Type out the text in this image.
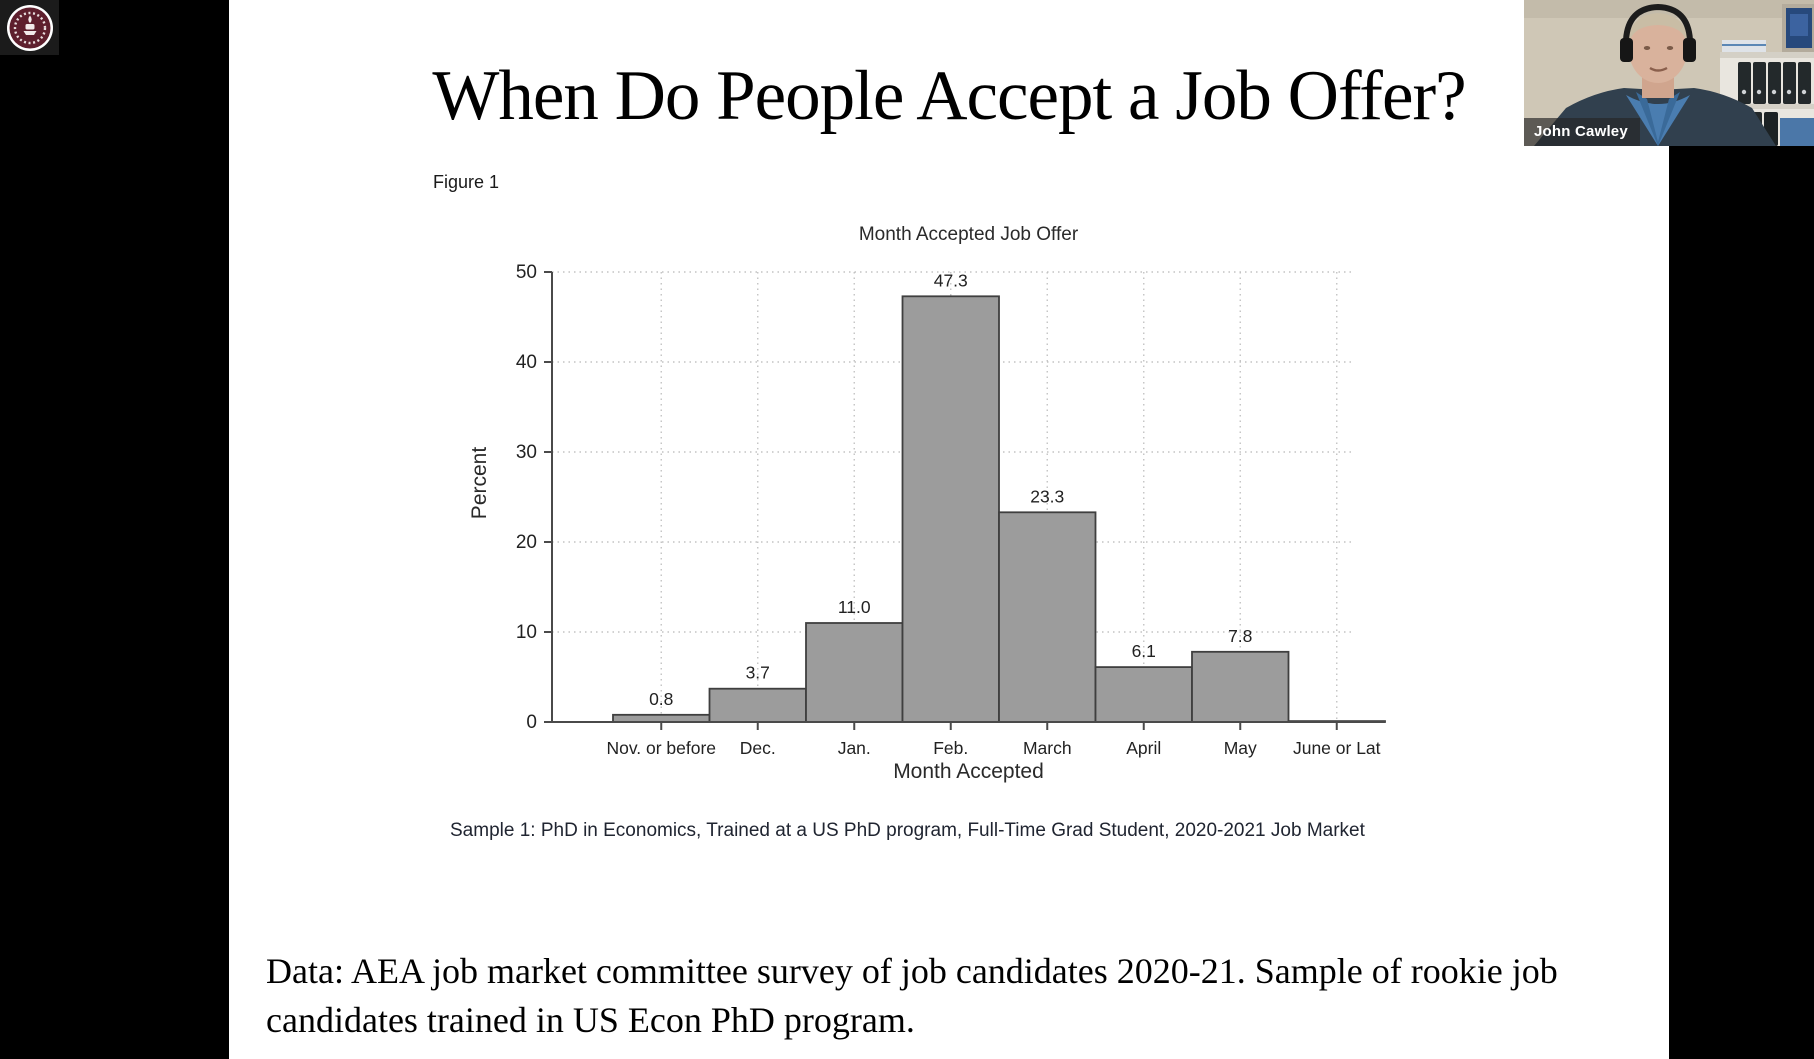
When Do People Accept a Job Offer?
Figure 1
Month Accepted Job Offer
Percent
Month Accepted
0
10
20
30
40
50
Nov. or before Dec.	Jan.	Feb.	March	April	May June or Lat
0.8
3.7
11.0
47.3
23.3
6.1
7.8
Sample 1: PhD in Economics, Trained at a US PhD program, Full-Time Grad Student, 2020-2021 Job Market
Data: AEA job market committee survey of job candidates 2020-21. Sample of rookie job candidates trained in US Econ PhD program.
John Cawley
